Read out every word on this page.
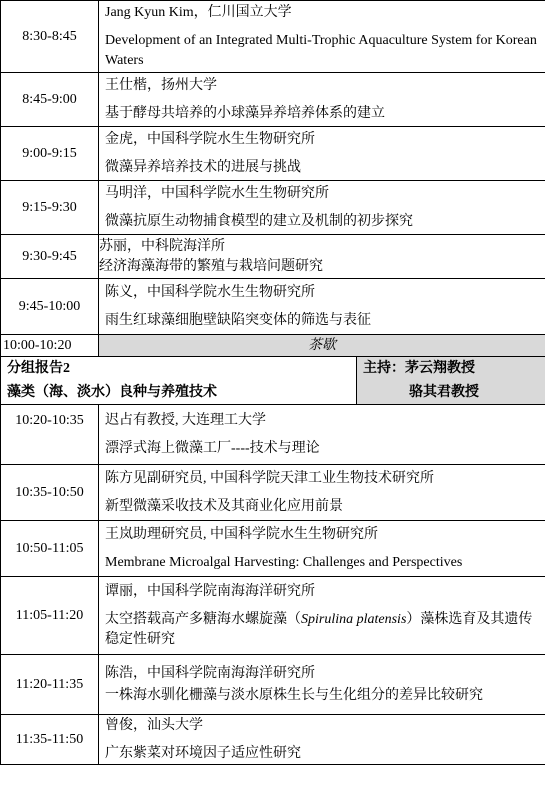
8:30-8:45	Jang Kyun Kim，仁川国立大学
Development of an Integrated Multi-Trophic Aquaculture System for Korean Waters	

8:45-9:00	王仕楷，扬州大学
基于酵母共培养的小球藻异养培养体系的建立	

9:00-9:15	金虎，中国科学院水生生物研究所
微藻异养培养技术的进展与挑战	

9:15-9:30	马明洋，中国科学院水生生物研究所
微藻抗原生动物捕食模型的建立及机制的初步探究	

9:30-9:45	苏丽，中科院海洋所
经济海藻海带的繁殖与栽培问题研究	

9:45-10:00	陈义，中国科学院水生生物研究所
雨生红球藻细胞壁缺陷突变体的筛选与表征	

10:00-10:20	茶歇	

分组报告2
藻类（海、淡水）良种与养殖技术		主持：茅云翔教授
骆其君教授

10:20-10:35	迟占有教授, 大连理工大学
漂浮式海上微藻工厂----技术与理论	

10:35-10:50	陈方见副研究员, 中国科学院天津工业生物技术研究所
新型微藻采收技术及其商业化应用前景	

10:50-11:05	王岚助理研究员, 中国科学院水生生物研究所
Membrane Microalgal Harvesting: Challenges and Perspectives	

11:05-11:20	谭丽，中国科学院南海海洋研究所
太空搭载高产多糖海水螺旋藻（Spirulina platensis）藻株选育及其遗传稳定性研究	

11:20-11:35	陈浩，中国科学院南海海洋研究所
一株海水驯化栅藻与淡水原株生长与生化组分的差异比较研究	

11:35-11:50	曾俊，汕头大学
广东紫菜对环境因子适应性研究	
